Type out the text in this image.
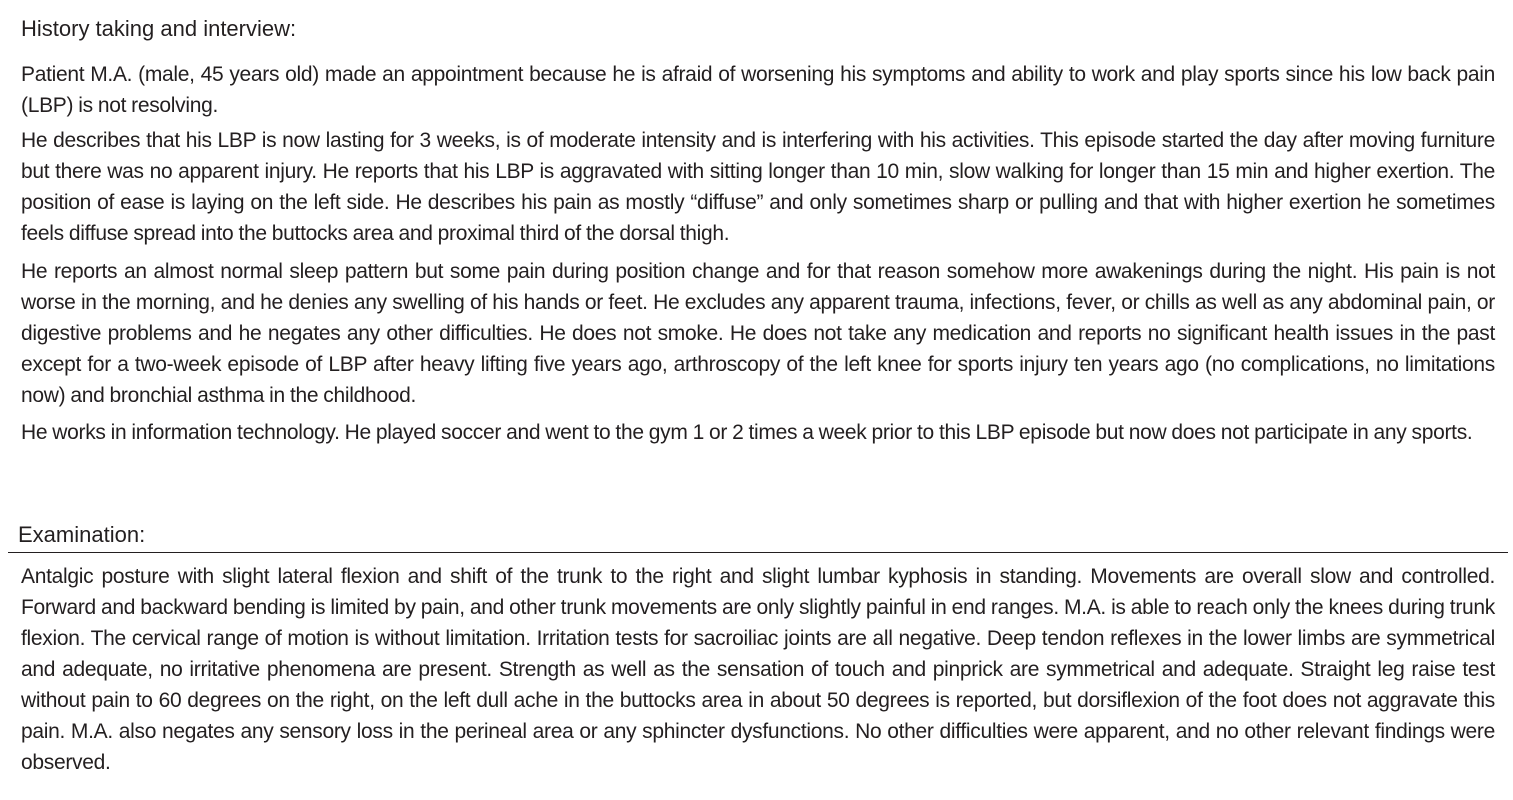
History taking and interview:

Patient M.A. (male, 45 years old) made an appointment because he is afraid of worsening his symptoms and ability to work and play sports since his low back pain (LBP) is not resolving.

He describes that his LBP is now lasting for 3 weeks, is of moderate intensity and is interfering with his activities. This episode started the day after moving furniture but there was no apparent injury. He reports that his LBP is aggravated with sitting longer than 10 min, slow walking for longer than 15 min and higher exertion. The position of ease is laying on the left side. He describes his pain as mostly “diffuse” and only sometimes sharp or pulling and that with higher exertion he sometimes feels diffuse spread into the buttocks area and proximal third of the dorsal thigh.

He reports an almost normal sleep pattern but some pain during position change and for that reason somehow more awakenings during the night. His pain is not worse in the morning, and he denies any swelling of his hands or feet. He excludes any apparent trauma, infections, fever, or chills as well as any abdominal pain, or digestive problems and he negates any other difficulties. He does not smoke. He does not take any medication and reports no significant health issues in the past except for a two-week episode of LBP after heavy lifting five years ago, arthroscopy of the left knee for sports injury ten years ago (no complications, no limitations now) and bronchial asthma in the childhood.

He works in information technology. He played soccer and went to the gym 1 or 2 times a week prior to this LBP episode but now does not participate in any sports.

Examination:

Antalgic posture with slight lateral flexion and shift of the trunk to the right and slight lumbar kyphosis in standing. Movements are overall slow and controlled. Forward and backward bending is limited by pain, and other trunk movements are only slightly painful in end ranges. M.A. is able to reach only the knees during trunk flexion. The cervical range of motion is without limitation. Irritation tests for sacroiliac joints are all negative. Deep tendon reflexes in the lower limbs are symmetrical and adequate, no irritative phenomena are present. Strength as well as the sensation of touch and pinprick are symmetrical and adequate. Straight leg raise test without pain to 60 degrees on the right, on the left dull ache in the buttocks area in about 50 degrees is reported, but dorsiflexion of the foot does not aggravate this pain. M.A. also negates any sensory loss in the perineal area or any sphincter dysfunctions. No other difficulties were apparent, and no other relevant findings were observed.
